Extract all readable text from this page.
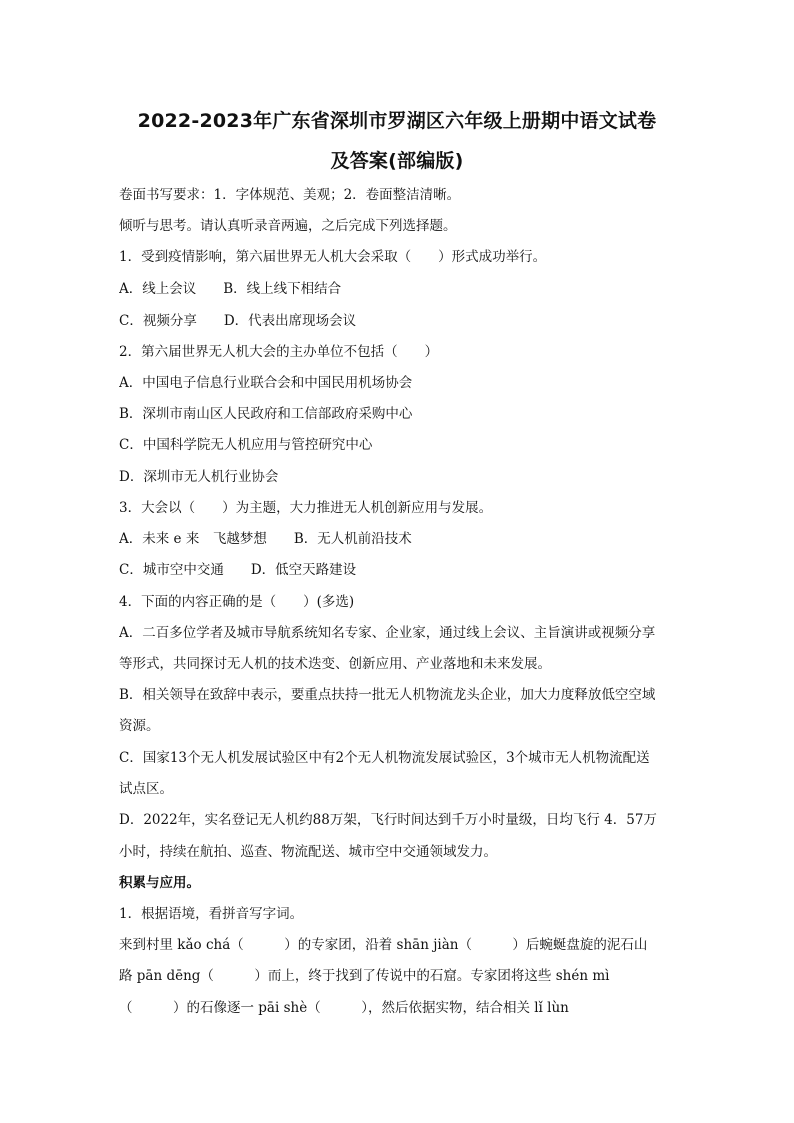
2022-2023年广东省深圳市罗湖区六年级上册期中语文试卷
及答案(部编版)
卷面书写要求：1．字体规范、美观；2．卷面整洁清晰。
倾听与思考。请认真听录音两遍，之后完成下列选择题。
1．受到疫情影响，第六届世界无人机大会采取（　　）形式成功举行。
A．线上会议　　B．线上线下相结合
C．视频分享　　D．代表出席现场会议
2．第六届世界无人机大会的主办单位不包括（　　）
A．中国电子信息行业联合会和中国民用机场协会
B．深圳市南山区人民政府和工信部政府采购中心
C．中国科学院无人机应用与管控研究中心
D．深圳市无人机行业协会
3．大会以（　　）为主题，大力推进无人机创新应用与发展。
A．未来 e 来　飞越梦想　　B．无人机前沿技术
C．城市空中交通　　D．低空天路建设
4．下面的内容正确的是（　　）(多选)
A．二百多位学者及城市导航系统知名专家、企业家，通过线上会议、主旨演讲或视频分享
等形式，共同探讨无人机的技术迭变、创新应用、产业落地和未来发展。
B．相关领导在致辞中表示，要重点扶持一批无人机物流龙头企业，加大力度释放低空空域
资源。
C．国家13个无人机发展试验区中有2个无人机物流发展试验区，3个城市无人机物流配送
试点区。
D．2022年，实名登记无人机约88万架，飞行时间达到千万小时量级，日均飞行 4．57万
小时，持续在航拍、巡查、物流配送、城市空中交通领域发力。
积累与应用。
1．根据语境，看拼音写字词。
来到村里 kǎo chá（　　　）的专家团，沿着 shān jiàn（　　　）后蜿蜒盘旋的泥石山
路 pān dēng（　　　）而上，终于找到了传说中的石窟。专家团将这些 shén mì
（　　　）的石像逐一 pāi shè（　　　），然后依据实物，结合相关 lǐ lùn
